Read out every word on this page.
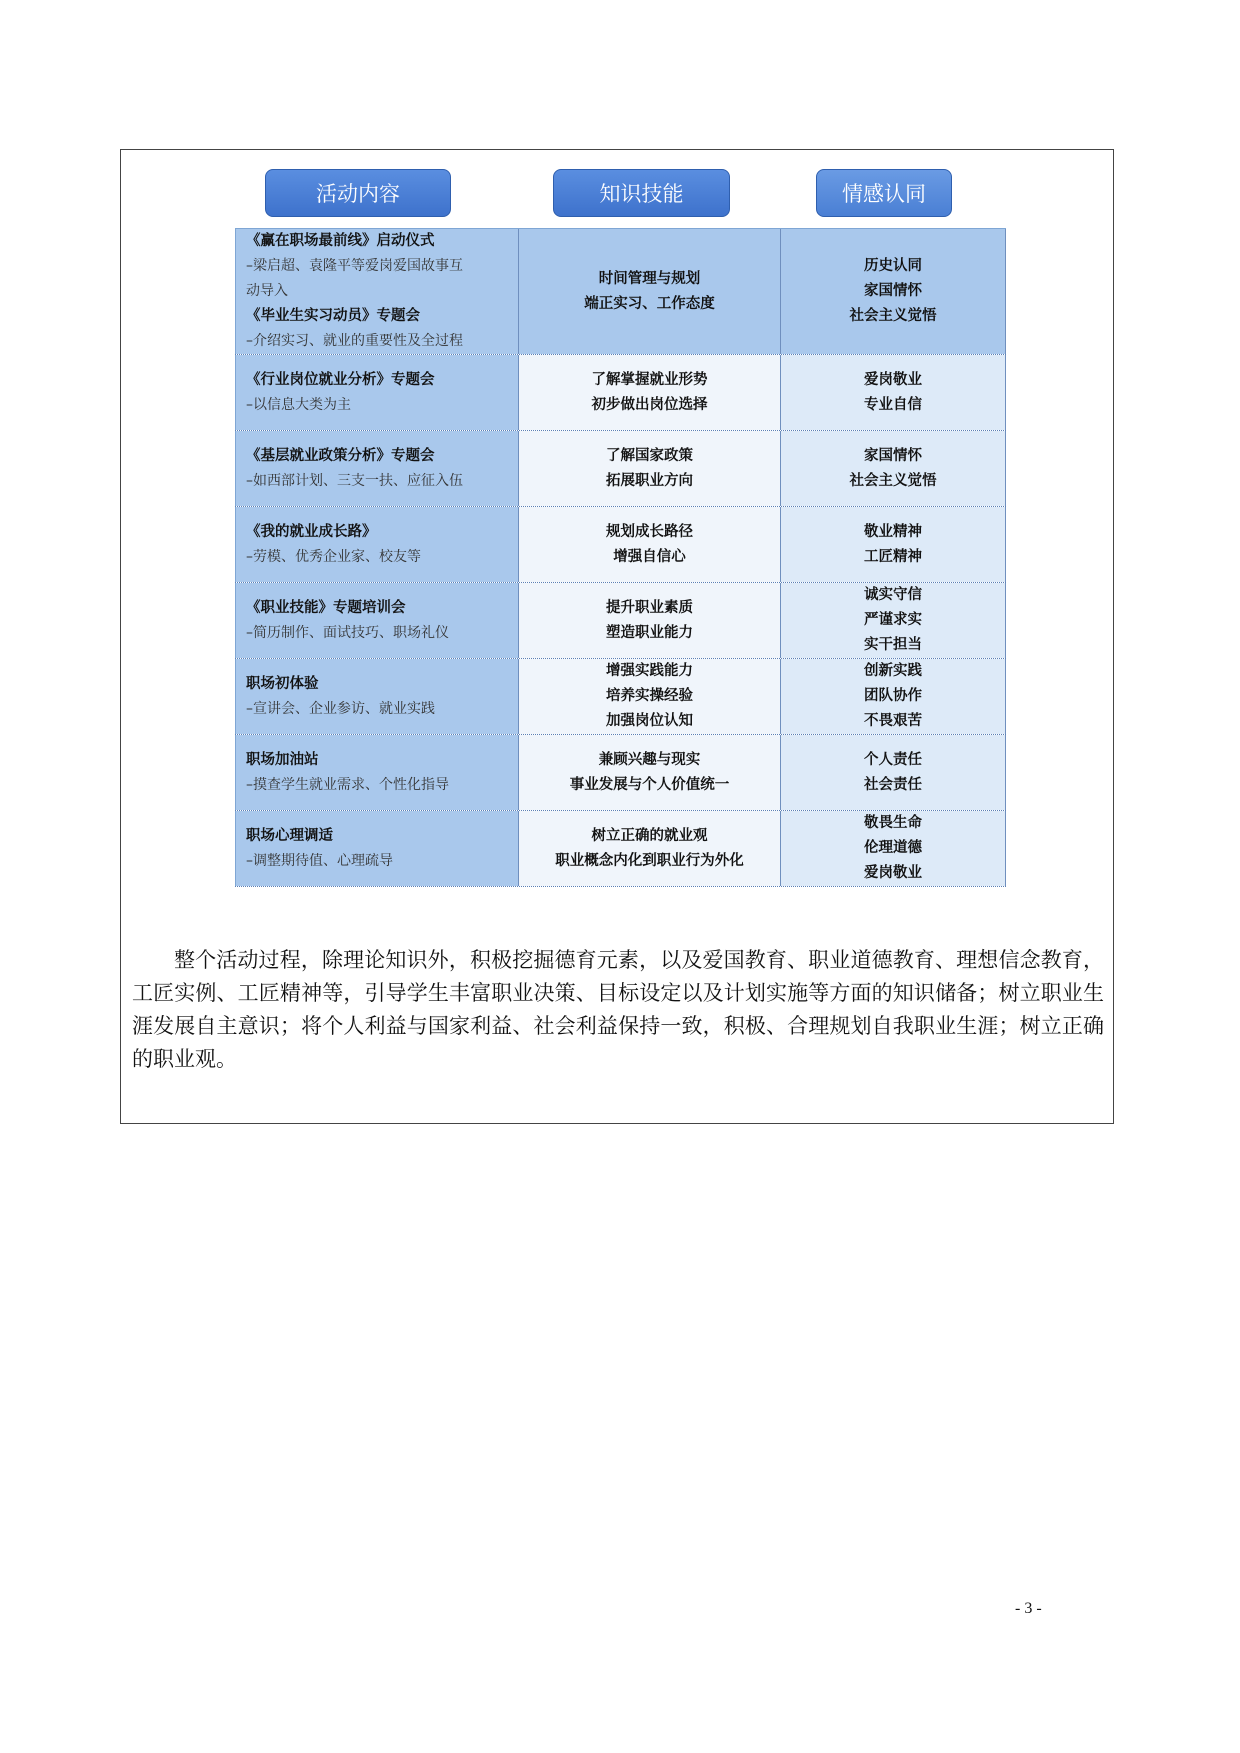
活动内容	知识技能	情感认同
《赢在职场最前线》启动仪式
–梁启超、袁隆平等爱岗爱国故事互
动导入
《毕业生实习动员》专题会
–介绍实习、就业的重要性及全过程
时间管理与规划
端正实习、工作态度
历史认同
家国情怀
社会主义觉悟
《行业岗位就业分析》专题会
–以信息大类为主
了解掌握就业形势
初步做出岗位选择
爱岗敬业
专业自信
《基层就业政策分析》专题会
–如西部计划、三支一扶、应征入伍
了解国家政策
拓展职业方向
家国情怀
社会主义觉悟
《我的就业成长路》
–劳模、优秀企业家、校友等
规划成长路径
增强自信心
敬业精神
工匠精神
《职业技能》专题培训会
–简历制作、面试技巧、职场礼仪
提升职业素质
塑造职业能力
诚实守信
严谨求实
实干担当
职场初体验
–宣讲会、企业参访、就业实践
增强实践能力
培养实操经验
加强岗位认知
创新实践
团队协作
不畏艰苦
职场加油站
–摸查学生就业需求、个性化指导
兼顾兴趣与现实
事业发展与个人价值统一
个人责任
社会责任
职场心理调适
–调整期待值、心理疏导
树立正确的就业观
职业概念内化到职业行为外化
敬畏生命
伦理道德
爱岗敬业

整个活动过程，除理论知识外，积极挖掘德育元素，以及爱国教育、职业道德教育、理想信念教育，工匠实例、工匠精神等，引导学生丰富职业决策、目标设定以及计划实施等方面的知识储备；树立职业生涯发展自主意识；将个人利益与国家利益、社会利益保持一致，积极、合理规划自我职业生涯；树立正确的职业观。

- 3 -
